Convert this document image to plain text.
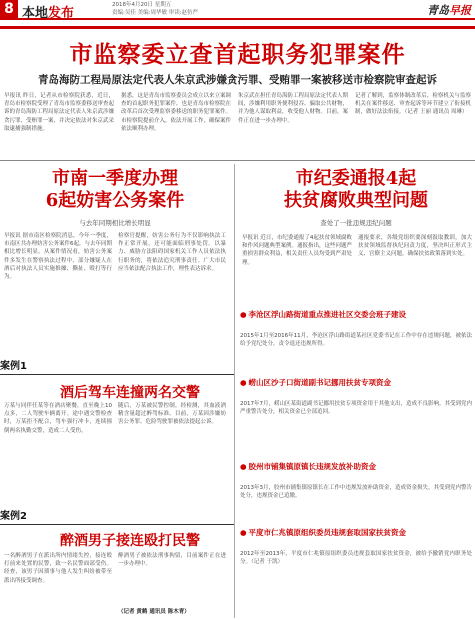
8 本地发布
2018年4月20日 星期五
责编:吴佳 美编:周华敏 审读:赵仿严	青岛早报
市监察委立查首起职务犯罪案件
青岛海防工程局原法定代表人朱京武涉嫌贪污罪、受贿罪一案被移送市检察院审查起诉
早报讯 昨日，记者从市检察院获悉，近日，青岛市检察院受理了青岛市监察委移送审查起诉的青岛海防工程局原法定代表人朱京武涉嫌贪污罪、受贿罪一案，并决定依法对朱京武采取逮捕强制措施。
据悉，这是青岛市监察委员会成立以来立案调查的首起职务犯罪案件，也是青岛市检察院在改革后首次受理监察委移送的职务犯罪案件。市检察院提前介入，依法开展工作，确保案件依法顺利办理。
朱京武在担任青岛海防工程局原法定代表人期间，涉嫌利用职务便利侵吞、骗取公共财物，并为他人谋取利益，收受他人财物。目前，案件正在进一步办理中。
记者了解到，监察体制改革后，检察机关与监察机关在案件移送、审查起诉等环节建立了衔接机制，做好法法衔接。（记者 王丽 通讯员 周琳）
市南一季度办理
6起妨害公务案件
与去年同期相比增长明显
早报讯 据市南区检察院消息，今年一季度，市南区共办理妨害公务案件6起，与去年同期相比增长明显。从案件情况看，妨害公务案件多发生在警察执法过程中，部分嫌疑人在酒后对执法人员实施推搡、撕扯、殴打等行为。
检察官提醒，妨害公务行为不仅影响执法工作正常开展，还可能面临刑事处罚。以暴力、威胁方法阻碍国家机关工作人员依法执行职务的，将依法追究刑事责任。广大市民应当依法配合执法工作，理性表达诉求。
市纪委通报4起
扶贫腐败典型问题
查处了一批违规违纪问题
早报讯 近日，市纪委通报了4起扶贫领域腐败和作风问题典型案例。通报指出，这些问题严重损害群众利益，相关责任人员均受到严肃处理。
通报要求，各级党组织要深刻汲取教训，加大扶贫领域监督执纪问责力度，坚决纠正形式主义、官僚主义问题，确保扶贫政策落到实处。
案例1
酒后驾车连撞两名交警
万某与同伴任某等在酒店聚餐，直至晚上10点多，二人驾驶车辆离开。途中遇交警检查时，万某拒不配合，驾车强行冲卡，连续撞倒两名执勤交警，造成二人受伤。
随后，万某被民警控制。经检测，其血液酒精含量超过醉驾标准。目前，万某因涉嫌妨害公务罪、危险驾驶罪被依法提起公诉。
案例2
醉酒男子接连殴打民警
一名醉酒男子在派出所内情绪失控，接连殴打前来处置的民警，致一名民警面部受伤。经查，该男子因琐事与他人发生纠纷被带至派出所接受调查。
醉酒男子被依法刑事拘留，目前案件正在进一步办理中。
（记者 黄鹤 通讯员 陈木青）
● 李沧区浮山路街道重点推进社区交委会班子建设
2015年1月至2016年11月，李沧区浮山路街道某社区党委书记在工作中存在违规问题，被依法给予党纪处分，责令退还违规所得。
● 崂山区沙子口街道副书记挪用扶贫专项资金
2017年7月，崂山区某街道副书记挪用扶贫专项资金用于其他支出，造成不良影响。其受到党内严重警告处分，相关资金已全部追回。
● 胶州市铺集镇原镇长违规发放补助资金
2013年3月，胶州市铺集镇原镇长在工作中违规发放补助资金，造成资金损失。其受到党内警告处分，违规资金已追缴。
● 平度市仁兆镇原组织委员违规套取国家扶贫资金
2012年至2013年，平度市仁兆镇原组织委员违规套取国家扶贫资金，被给予撤销党内职务处分。（记者 于凯）
